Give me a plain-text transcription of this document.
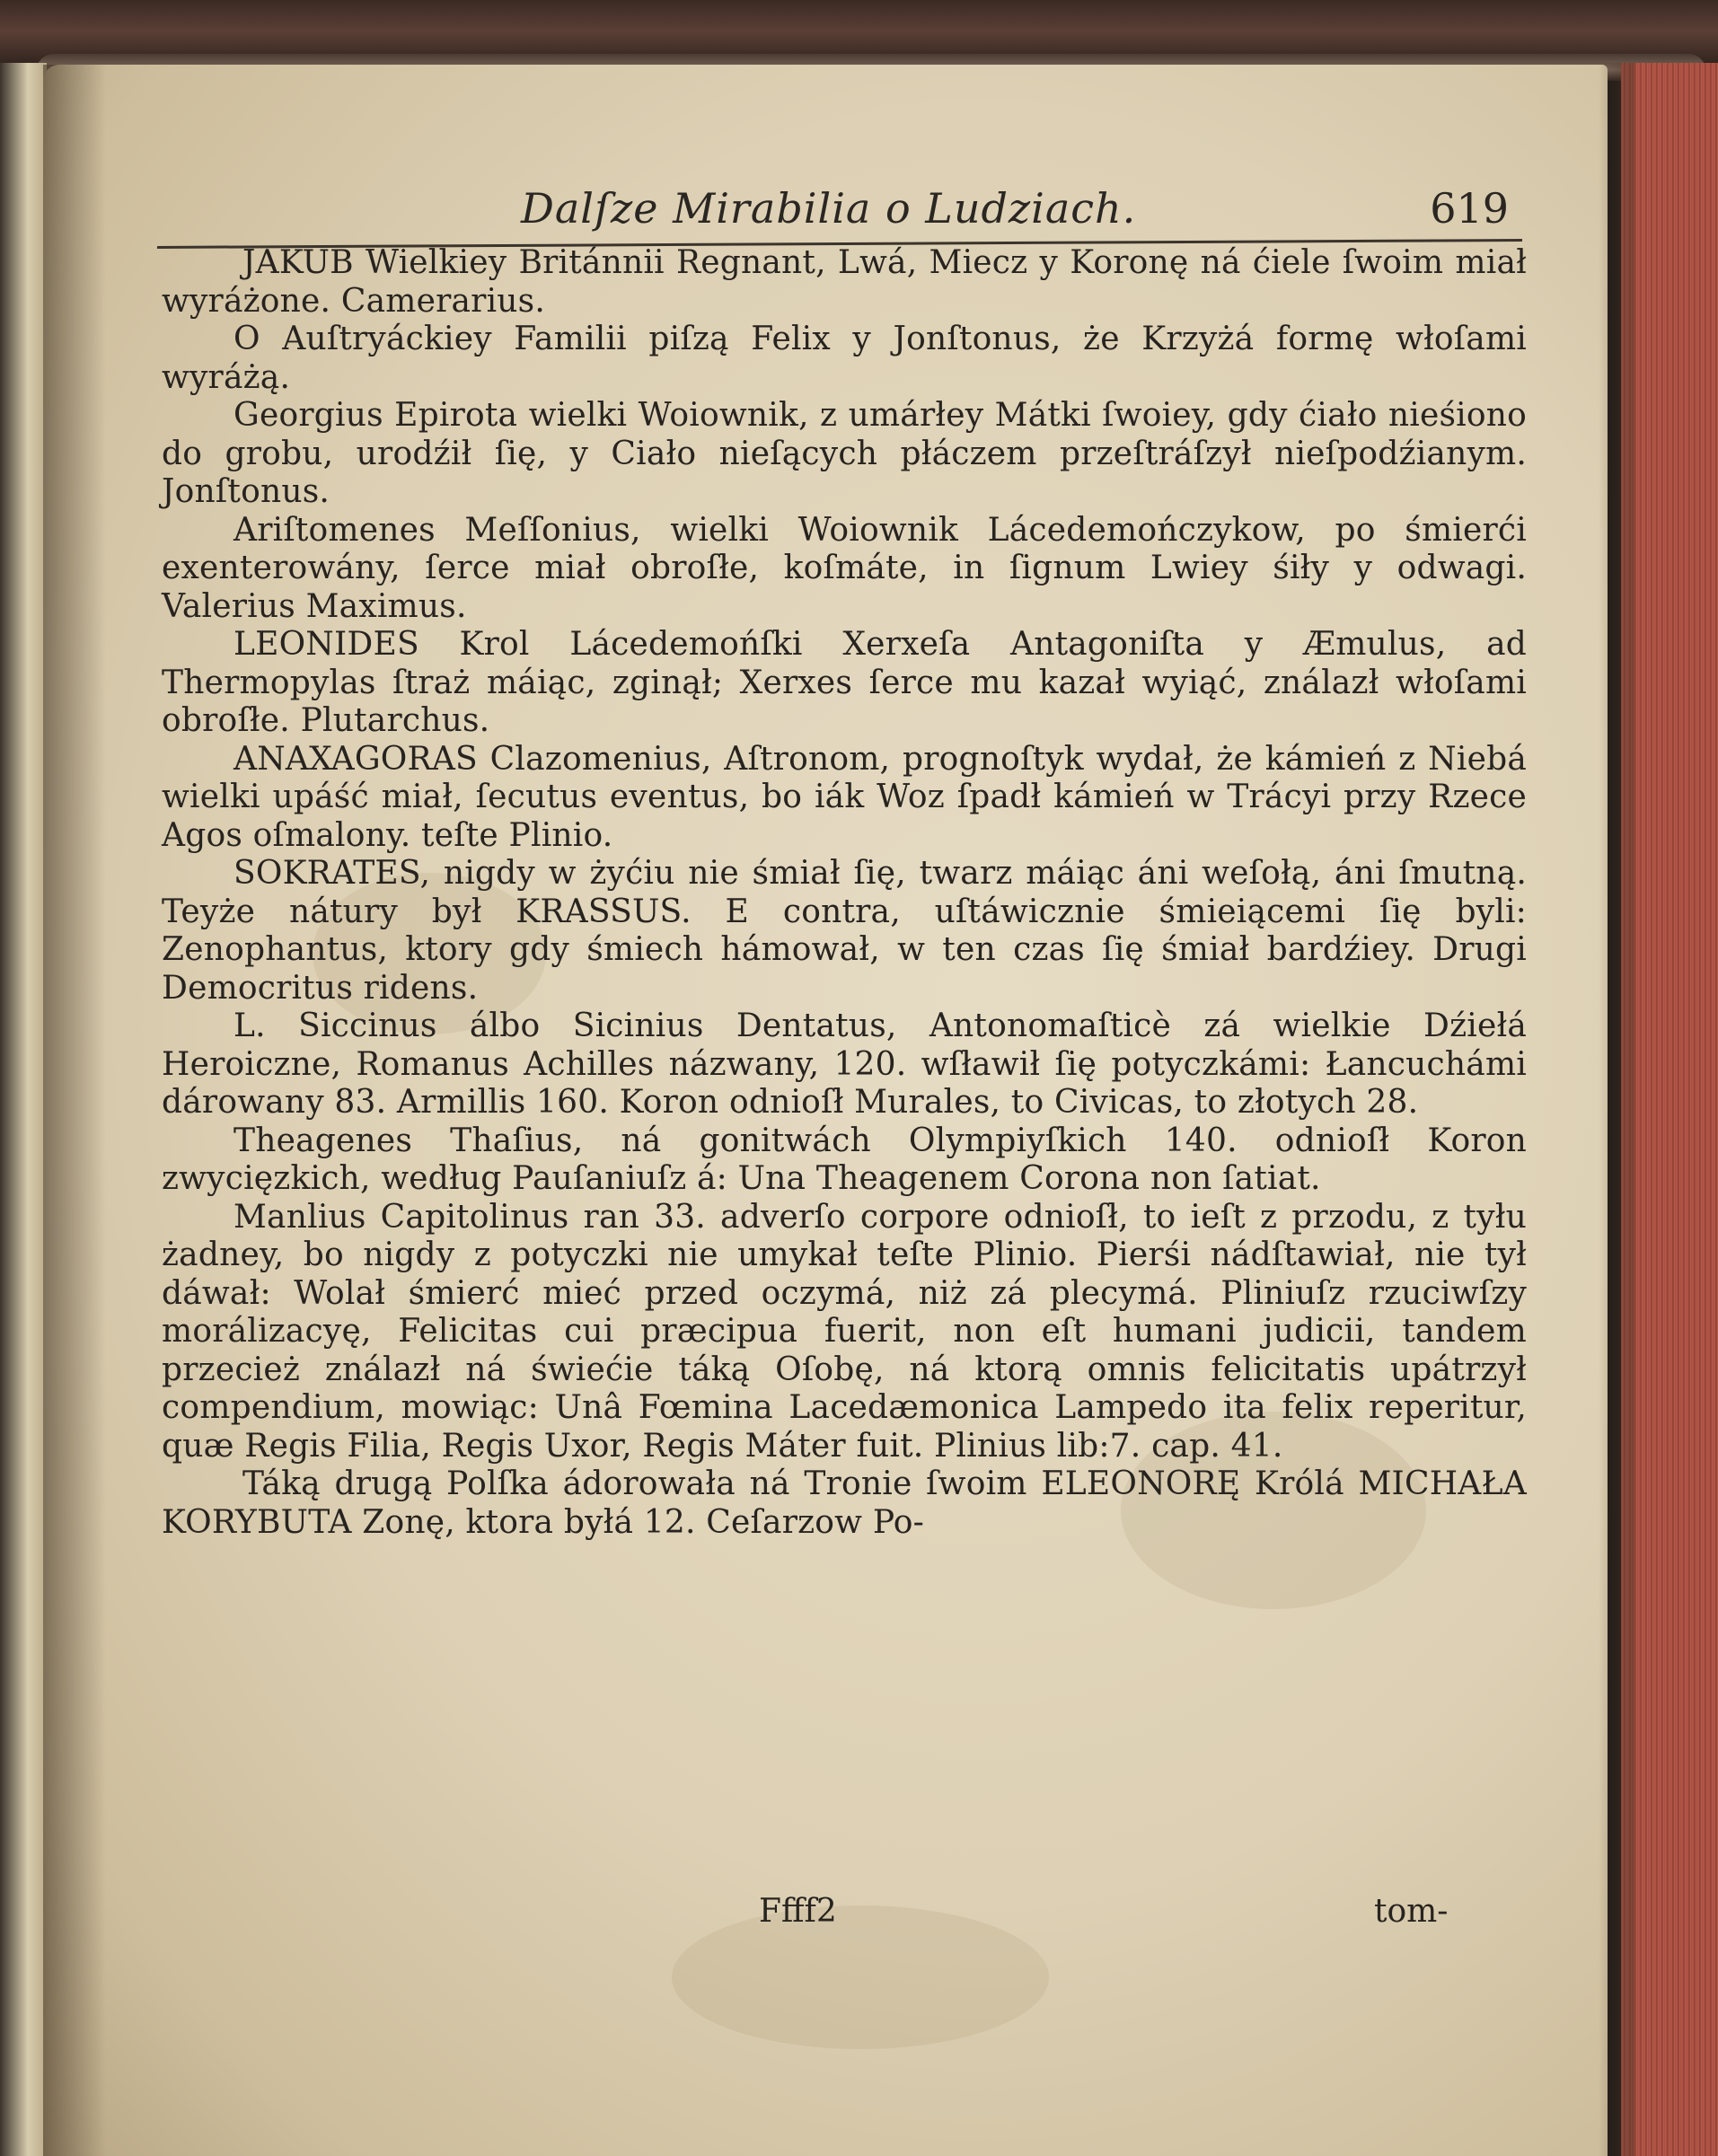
Dalſze Mirabilia o Ludziach.	619

JAKUB Wielkiey Británnii Regnant, Lwá, Miecz y Koronę ná ćiele ſwoim miał wyráżone. Camerarius.

O Auſtryáckiey Familii piſzą Felix y Jonſtonus, że Krzyżá formę włoſami wyráżą.

Georgius Epirota wielki Woiownik, z umárłey Mátki ſwoiey, gdy ćiało nieśiono do grobu, urodźił ſię, y Ciało nieſących płáczem przeſtráſzył nieſpodźianym. Jonſtonus.

Ariſtomenes Meſſonius, wielki Woiownik Lácedemończykow, po śmierći exenterowány, ſerce miał obroſłe, koſmáte, in ſignum Lwiey śiły y odwagi. Valerius Maximus.

LEONIDES Krol Lácedemońſki Xerxeſa Antagoniſta y Æmulus, ad Thermopylas ſtraż máiąc, zginął; Xerxes ſerce mu kazał wyiąć, ználazł włoſami obroſłe. Plutarchus.

ANAXAGORAS Clazomenius, Aſtronom, prognoſtyk wydał, że kámień z Niebá wielki upáść miał, ſecutus eventus, bo iák Woz ſpadł kámień w Trácyi przy Rzece Agos oſmalony. teſte Plinio.

SOKRATES, nigdy w żyćiu nie śmiał ſię, twarz máiąc áni weſołą, áni ſmutną. Teyże nátury był KRASSUS. E contra, uſtáwicznie śmieiącemi ſię byli: Zenophantus, ktory gdy śmiech hámował, w ten czas ſię śmiał bardźiey. Drugi Democritus ridens.

L. Siccinus álbo Sicinius Dentatus, Antonomaſticè zá wielkie Dźiełá Heroiczne, Romanus Achilles názwany, 120. wſławił ſię potyczkámi: Łancuchámi dárowany 83. Armillis 160. Koron odnioſł Murales, to Civicas, to złotych 28.

Theagenes Thaſius, ná gonitwách Olympiyſkich 140. odnioſł Koron zwycięzkich, według Pauſaniuſz á: Una Theagenem Corona non ſatiat.

Manlius Capitolinus ran 33. adverſo corpore odnioſł, to ieſt z przodu, z tyłu żadney, bo nigdy z potyczki nie umykał teſte Plinio. Pierśi nádſtawiał, nie tył dáwał: Wolał śmierć mieć przed oczymá, niż zá plecymá. Pliniuſz rzuciwſzy morálizacyę, Felicitas cui præcipua fuerit, non eſt humani judicii, tandem przecież ználazł ná świećie táką Oſobę, ná ktorą omnis felicitatis upátrzył compendium, mowiąc: Unâ Fœmina Lacedæmonica Lampedo ita felix reperitur, quæ Regis Filia, Regis Uxor, Regis Máter fuit. Plinius lib:7. cap. 41.

Táką drugą Polſka ádorowała ná Tronie ſwoim ELEONORĘ Królá MICHAŁA KORYBUTA Zonę, ktora byłá 12. Ceſarzow Po-

Ffff2	tom-
